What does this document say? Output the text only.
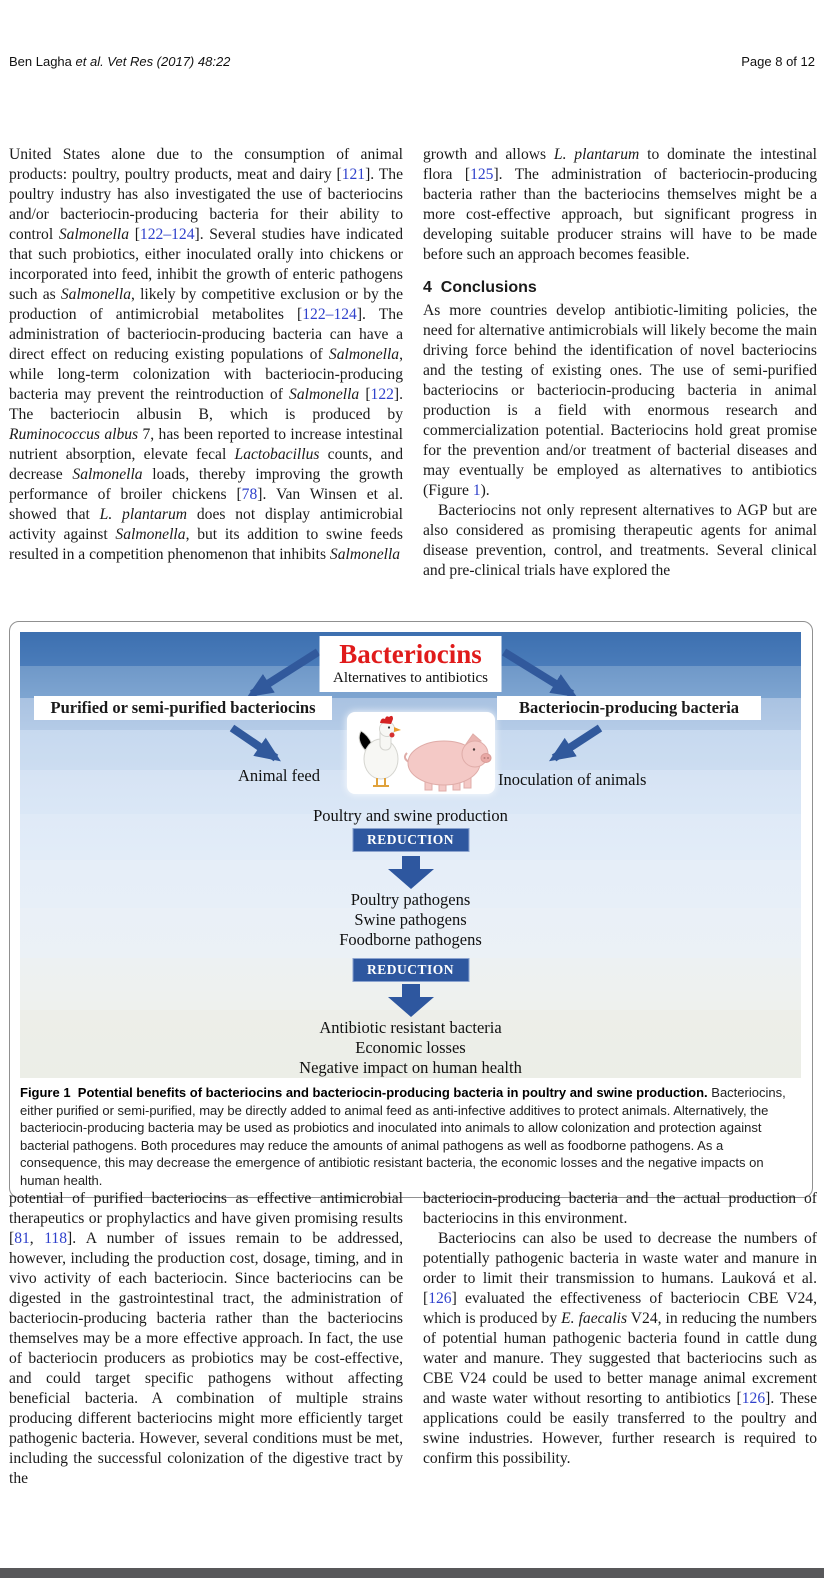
Ben Lagha et al. Vet Res (2017) 48:22	Page 8 of 12

United States alone due to the consumption of animal products: poultry, poultry products, meat and dairy [121]. The poultry industry has also investigated the use of bacteriocins and/or bacteriocin-producing bacteria for their ability to control Salmonella [122–124]. Several studies have indicated that such probiotics, either inoculated orally into chickens or incorporated into feed, inhibit the growth of enteric pathogens such as Salmonella, likely by competitive exclusion or by the production of antimicrobial metabolites [122–124]. The administration of bacteriocin-producing bacteria can have a direct effect on reducing existing populations of Salmonella, while long-term colonization with bacteriocin-producing bacteria may prevent the reintroduction of Salmonella [122]. The bacteriocin albusin B, which is produced by Ruminococcus albus 7, has been reported to increase intestinal nutrient absorption, elevate fecal Lactobacillus counts, and decrease Salmonella loads, thereby improving the growth performance of broiler chickens [78]. Van Winsen et al. showed that L. plantarum does not display antimicrobial activity against Salmonella, but its addition to swine feeds resulted in a competition phenomenon that inhibits Salmonella

growth and allows L. plantarum to dominate the intestinal flora [125]. The administration of bacteriocin-producing bacteria rather than the bacteriocins themselves might be a more cost-effective approach, but significant progress in developing suitable producer strains will have to be made before such an approach becomes feasible.

4  Conclusions

As more countries develop antibiotic-limiting policies, the need for alternative antimicrobials will likely become the main driving force behind the identification of novel bacteriocins and the testing of existing ones. The use of semi-purified bacteriocins or bacteriocin-producing bacteria in animal production is a field with enormous research and commercialization potential. Bacteriocins hold great promise for the prevention and/or treatment of bacterial diseases and may eventually be employed as alternatives to antibiotics (Figure 1).

Bacteriocins not only represent alternatives to AGP but are also considered as promising therapeutic agents for animal disease prevention, control, and treatments. Several clinical and pre-clinical trials have explored the

Bacteriocins
Alternatives to antibiotics
Purified or semi-purified bacteriocins	Bacteriocin-producing bacteria
Animal feed	Inoculation of animals
Poultry and swine production
REDUCTION
Poultry pathogens
Swine pathogens
Foodborne pathogens
REDUCTION
Antibiotic resistant bacteria
Economic losses
Negative impact on human health
Figure 1  Potential benefits of bacteriocins and bacteriocin-producing bacteria in poultry and swine production. Bacteriocins, either purified or semi-purified, may be directly added to animal feed as anti-infective additives to protect animals. Alternatively, the bacteriocin-producing bacteria may be used as probiotics and inoculated into animals to allow colonization and protection against bacterial pathogens. Both procedures may reduce the amounts of animal pathogens as well as foodborne pathogens. As a consequence, this may decrease the emergence of antibiotic resistant bacteria, the economic losses and the negative impacts on human health.

potential of purified bacteriocins as effective antimicrobial therapeutics or prophylactics and have given promising results [81, 118]. A number of issues remain to be addressed, however, including the production cost, dosage, timing, and in vivo activity of each bacteriocin. Since bacteriocins can be digested in the gastrointestinal tract, the administration of bacteriocin-producing bacteria rather than the bacteriocins themselves may be a more effective approach. In fact, the use of bacteriocin producers as probiotics may be cost-effective, and could target specific pathogens without affecting beneficial bacteria. A combination of multiple strains producing different bacteriocins might more efficiently target pathogenic bacteria. However, several conditions must be met, including the successful colonization of the digestive tract by the

bacteriocin-producing bacteria and the actual production of bacteriocins in this environment.

Bacteriocins can also be used to decrease the numbers of potentially pathogenic bacteria in waste water and manure in order to limit their transmission to humans. Lauková et al. [126] evaluated the effectiveness of bacteriocin CBE V24, which is produced by E. faecalis V24, in reducing the numbers of potential human pathogenic bacteria found in cattle dung water and manure. They suggested that bacteriocins such as CBE V24 could be used to better manage animal excrement and waste water without resorting to antibiotics [126]. These applications could be easily transferred to the poultry and swine industries. However, further research is required to confirm this possibility.
